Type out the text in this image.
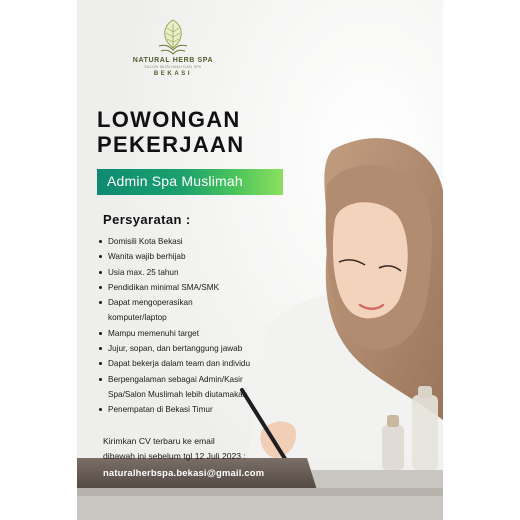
NATURAL HERB SPA
SALON MUSLIMAH DAN SPA
BEKASI
LOWONGAN
PEKERJAAN
Admin Spa Muslimah
Persyaratan :
Domisili Kota Bekasi
Wanita wajib berhijab
Usia max. 25 tahun
Pendidikan minimal SMA/SMK
Dapat mengoperasikan
komputer/laptop
Mampu memenuhi target
Jujur, sopan, dan bertanggung jawab
Dapat bekerja dalam team dan individu
Berpengalaman sebagai Admin/Kasir
Spa/Salon Muslimah lebih diutamakan
Penempatan di Bekasi Timur
Kirimkan CV terbaru ke email
dibawah ini sebelum tgl 12 Juli 2023 :
naturalherbspa.bekasi@gmail.com
